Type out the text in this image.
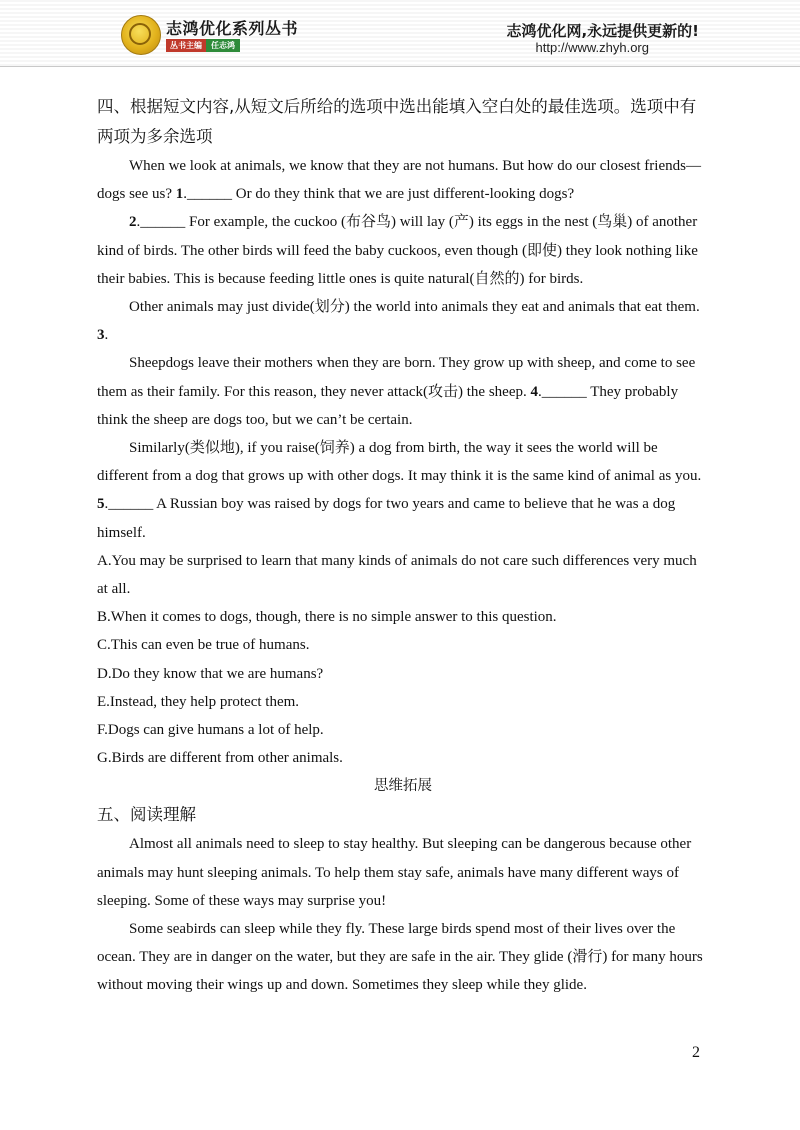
志鸿优化系列丛书
丛书主编	任志鸿
志鸿优化网,永远提供更新的!
http://www.zhyh.org

四、根据短文内容,从短文后所给的选项中选出能填入空白处的最佳选项。选项中有两项为多余选项

When we look at animals, we know that they are not humans. But how do our closest friends—dogs see us? 1.______ Or do they think that we are just different-looking dogs?

2.______ For example, the cuckoo (布谷鸟) will lay (产) its eggs in the nest (鸟巢) of another kind of birds. The other birds will feed the baby cuckoos, even though (即使) they look nothing like their babies. This is because feeding little ones is quite natural(自然的) for birds.

Other animals may just divide(划分) the world into animals they eat and animals that eat them. 3.

Sheepdogs leave their mothers when they are born. They grow up with sheep, and come to see them as their family. For this reason, they never attack(攻击) the sheep. 4.______ They probably think the sheep are dogs too, but we can’t be certain.

Similarly(类似地), if you raise(饲养) a dog from birth, the way it sees the world will be different from a dog that grows up with other dogs. It may think it is the same kind of animal as you. 5.______ A Russian boy was raised by dogs for two years and came to believe that he was a dog himself.

A.You may be surprised to learn that many kinds of animals do not care such differences very much at all.

B.When it comes to dogs, though, there is no simple answer to this question.

C.This can even be true of humans.

D.Do they know that we are humans?

E.Instead, they help protect them.

F.Dogs can give humans a lot of help.

G.Birds are different from other animals.

思维拓展

五、阅读理解

Almost all animals need to sleep to stay healthy. But sleeping can be dangerous because other animals may hunt sleeping animals. To help them stay safe, animals have many different ways of sleeping. Some of these ways may surprise you!

Some seabirds can sleep while they fly. These large birds spend most of their lives over the ocean. They are in danger on the water, but they are safe in the air. They glide (滑行) for many hours without moving their wings up and down. Sometimes they sleep while they glide.

2
